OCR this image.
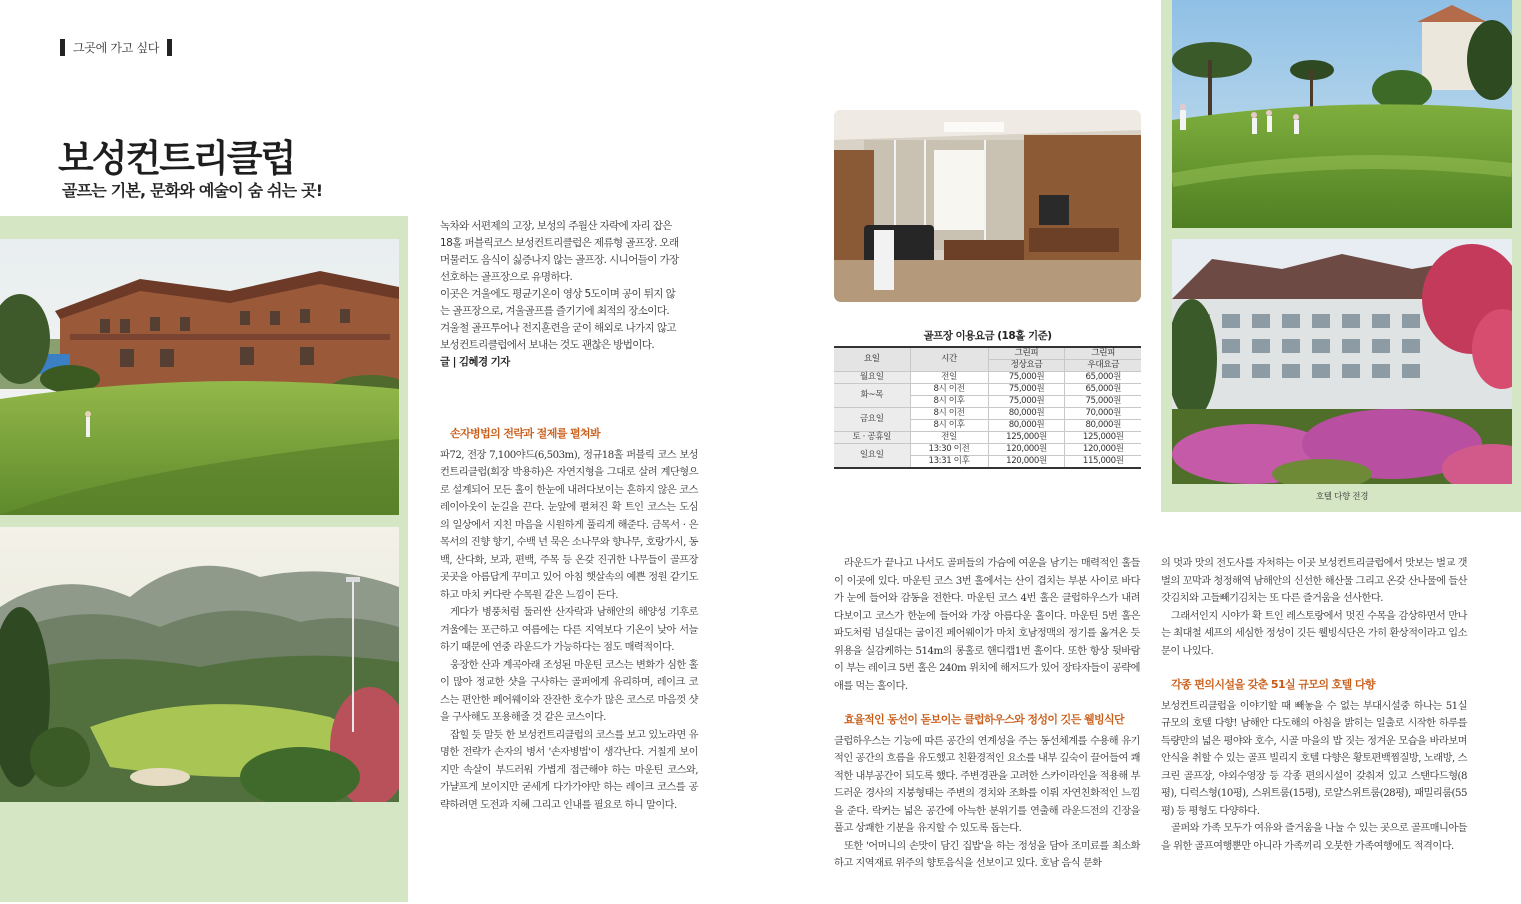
그곳에 가고 싶다
보성컨트리클럽
골프는 기본, 문화와 예술이 숨 쉬는 곳!

녹차와 서편제의 고장, 보성의 주월산 자락에 자리 잡은 18홀 퍼블릭코스 보성컨트리클럽은 제류형 골프장. 오래 머물러도 음식이 싫증나지 않는 골프장. 시니어들이 가장 선호하는 골프장으로 유명하다.

이곳은 겨울에도 평균기온이 영상 5도이며 공이 튀지 않는 골프장으로, 겨울골프를 즐기기에 최적의 장소이다. 겨울철 골프투어나 전지훈련을 굳이 해외로 나가지 않고 보성컨트리클럽에서 보내는 것도 괜찮은 방법이다.

글 | 김혜경 기자

손자병법의 전략과 절제를 펼쳐봐

파72, 전장 7,100야드(6,503m), 정규18홀 퍼블릭 코스 보성컨트리클럽(회장 박용하)은 자연지형을 그대로 살려 계단형으로 설계되어 모든 홀이 한눈에 내려다보이는 흔하지 않은 코스 레이아웃이 눈길을 끈다. 눈앞에 펼쳐진 확 트인 코스는 도심의 일상에서 지친 마음을 시원하게 풀리게 해준다. 금목서 · 은목서의 진향 향기, 수백 년 묵은 소나무와 향나무, 호랑가시, 동백, 산다화, 보과, 편백, 주목 등 온갖 진귀한 나무들이 골프장 곳곳을 아름답게 꾸미고 있어 아침 햇살속의 예쁜 정원 같기도 하고 마치 커다란 수목원 같은 느낌이 든다.

게다가 병풍처럼 둘러싼 산자락과 남해안의 해양성 기후로 겨울에는 포근하고 여름에는 다른 지역보다 기온이 낮아 서늘하기 때문에 연중 라운드가 가능하다는 점도 매력적이다.

웅장한 산과 계곡아래 조성된 마운틴 코스는 변화가 심한 홀이 많아 정교한 샷을 구사하는 골퍼에게 유리하며, 레이크 코스는 편안한 페어웨이와 잔잔한 호수가 많은 코스로 마음껏 샷을 구사해도 포용해줄 것 같은 코스이다.

잡힐 듯 말듯 한 보성컨트리클럽의 코스를 보고 있노라면 유명한 전략가 손자의 병서 '손자병법'이 생각난다. 거칠게 보이지만 속살이 부드러워 가볍게 접근해야 하는 마운틴 코스와, 가냘프게 보이지만 굳세게 다가가야만 하는 레이크 코스를 공략하려면 도전과 지혜 그리고 인내를 필요로 하니 말이다.

골프장 이용요금 (18홀 기준)
요일	시간	그린피	그린피
		정상요금	우대요금
월요일	전일	75,000원	65,000원
화~목	8시 이전	75,000원	65,000원
	8시 이후	75,000원	75,000원
금요일	8시 이전	80,000원	70,000원
	8시 이후	80,000원	80,000원
토 · 공휴일	전일	125,000원	125,000원
일요일	13:30 이전	120,000원	120,000원
	13:31 이후	120,000원	115,000원

라운드가 끝나고 나서도 골퍼들의 가슴에 여운을 남기는 매력적인 홀들이 이곳에 있다. 마운틴 코스 3번 홀에서는 산이 겹치는 부분 사이로 바다가 눈에 들어와 감동을 전한다. 마운틴 코스 4번 홀은 클럽하우스가 내려다보이고 코스가 한눈에 들어와 가장 아름다운 홀이다. 마운틴 5번 홀은 파도처럼 넘실대는 굽이진 페어웨이가 마치 호남정맥의 정기를 옮겨온 듯 위용을 실감케하는 514m의 롱홀로 핸디캡1번 홀이다. 또한 항상 뒷바람이 부는 레이크 5번 홀은 240m 위치에 해저드가 있어 장타자들이 공략에 애를 먹는 홀이다.

효율적인 동선이 돋보이는 클럽하우스와 정성이 깃든 웰빙식단

클럽하우스는 기능에 따른 공간의 연계성을 주는 동선체계를 수용해 유기적인 공간의 흐름을 유도했고 친환경적인 요소를 내부 깊숙이 끌어들여 쾌적한 내부공간이 되도록 했다. 주변경관을 고려한 스카이라인을 적용해 부드러운 경사의 지붕형태는 주변의 경치와 조화를 이뤄 자연친화적인 느낌을 준다. 락커는 넓은 공간에 아늑한 분위기를 연출해 라운드전의 긴장을 풀고 상쾌한 기분을 유지할 수 있도록 돕는다.

또한 '어머니의 손맛이 담긴 집밥'을 하는 정성을 담아 조미료를 최소화하고 지역재료 위주의 향토음식을 선보이고 있다. 호남 음식 문화

호텔 다향 전경

의 멋과 맛의 전도사를 자처하는 이곳 보성컨트리클럽에서 맛보는 벌교 갯벌의 꼬막과 청정해역 남해안의 신선한 해산물 그리고 온갖 산나물에 들산 갓김치와 고들빼기김치는 또 다른 즐거움을 선사한다.

그래서인지 시야가 확 트인 레스토랑에서 멋진 수목을 감상하면서 만나는 최대철 셰프의 세심한 정성이 깃든 웰빙식단은 가히 환상적이라고 입소문이 나있다.

각종 편의시설을 갖춘 51실 규모의 호텔 다향

보성컨트리클럽을 이야기할 때 빼놓을 수 없는 부대시설중 하나는 51실 규모의 호텔 다향! 남해안 다도해의 아침을 밝히는 일출로 시작한 하루를 득량만의 넓은 평야와 호수, 시골 마을의 밥 짓는 정겨운 모습을 바라보며 안식을 취할 수 있는 골프 빌리지 호텔 다향은 황토편백찜질방, 노래방, 스크린 골프장, 야외수영장 등 각종 편의시설이 갖춰져 있고 스탠다드형(8평), 디럭스형(10평), 스위트룸(15평), 로얄스위트룸(28평), 패밀리룸(55평) 등 평형도 다양하다.

골퍼와 가족 모두가 여유와 즐거움을 나눌 수 있는 곳으로 골프매니아들을 위한 골프여행뿐만 아니라 가족끼리 오붓한 가족여행에도 적격이다.
